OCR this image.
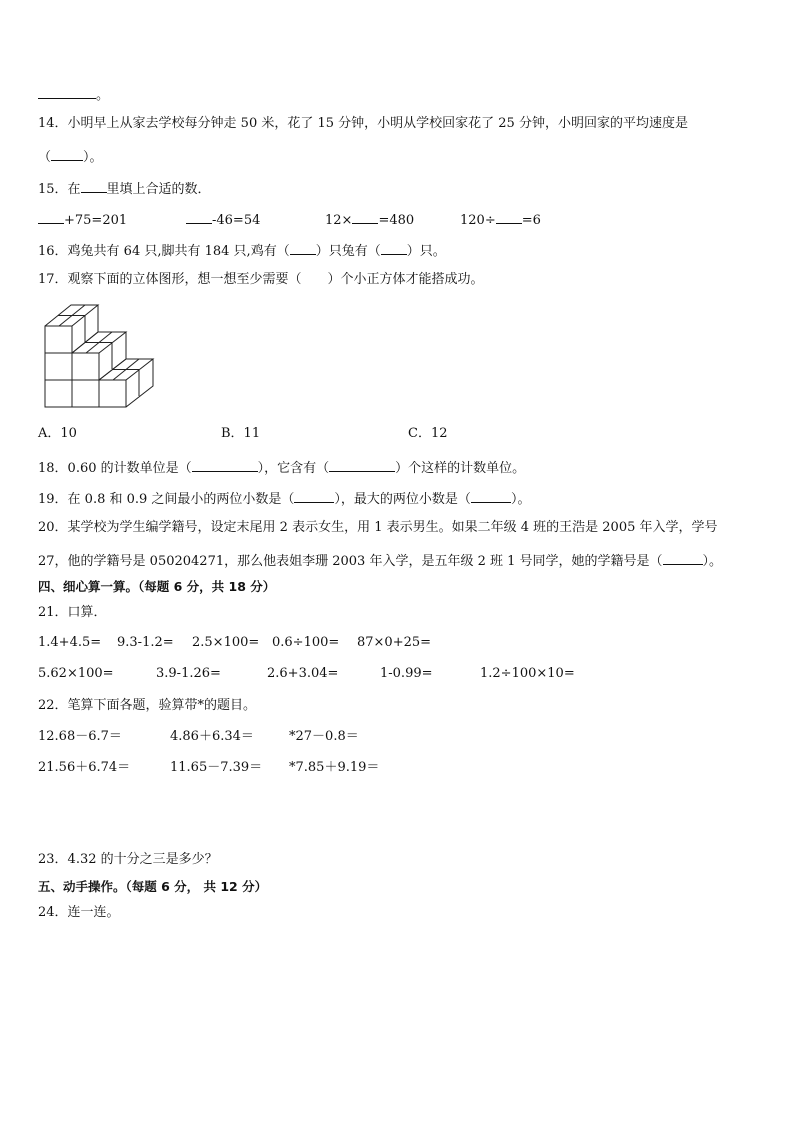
。
14．小明早上从家去学校每分钟走 50 米，花了 15 分钟，小明从学校回家花了 25 分钟，小明回家的平均速度是
（ ）。
15．在 里填上合适的数．
+75=201	-46=54	12× =480	120÷ =6
16．鸡兔共有 64 只,脚共有 184 只,鸡有（ ）只兔有（ ）只。
17．观察下面的立体图形，想一想至少需要（　　）个小正方体才能搭成功。
A．10	B．11	C．12
18．0.60 的计数单位是（	），它含有（	）个这样的计数单位。
19．在 0.8 和 0.9 之间最小的两位小数是（	），最大的两位小数是（	）。
20．某学校为学生编学籍号，设定末尾用 2 表示女生，用 1 表示男生。如果二年级 4 班的王浩是 2005 年入学，学号
27，他的学籍号是 050204271，那么他表姐李珊 2003 年入学，是五年级 2 班 1 号同学，她的学籍号是（	）。
四、细心算一算。（每题 6 分，共 18 分）
21．口算．
1.4+4.5= 9.3-1.2= 2.5×100= 0.6÷100= 87×0+25=
5.62×100=	3.9-1.26=	2.6+3.04=	1-0.99=	1.2÷100×10=
22．笔算下面各题，验算带*的题目。
12.68－6.7＝	4.86＋6.34＝	*27－0.8＝
21.56＋6.74＝	11.65－7.39＝ *7.85＋9.19＝
23．4.32 的十分之三是多少？
五、动手操作。（每题 6 分， 共 12 分）
24．连一连。
